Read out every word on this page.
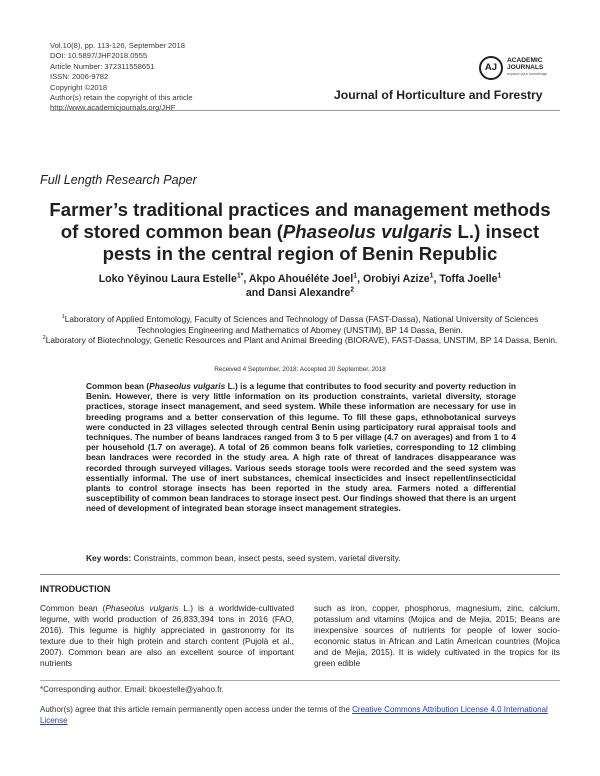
Vol.10(8), pp. 113-126, September 2018
DOI: 10.5897/JHF2018.0555
Article Number: 372311558651
ISSN: 2006-9782
Copyright ©2018
Author(s) retain the copyright of this article
http://www.academicjournals.org/JHF
AJ
ACADEMIC
JOURNALS
expand your knowledge
Journal of Horticulture and Forestry
Full Length Research Paper
Farmer’s traditional practices and management methods of stored common bean (Phaseolus vulgaris L.) insect pests in the central region of Benin Republic
Loko Yêyinou Laura Estelle$^{1*}$, Akpo Ahouéléte Joel$^1$, Orobiyi Azize$^1$, Toffa Joelle$^1$
and Dansi Alexandre$^2$

$^1$Laboratory of Applied Entomology, Faculty of Sciences and Technology of Dassa (FAST-Dassa), National University of Sciences Technologies Engineering and Mathematics of Abomey (UNSTIM), BP 14 Dassa, Benin.

$^2$Laboratory of Biotechnology, Genetic Resources and Plant and Animal Breeding (BIORAVE), FAST-Dassa, UNSTIM, BP 14 Dassa, Benin.

Received 4 September, 2018; Accepted 20 September, 2018
Common bean (Phaseolus vulgaris L.) is a legume that contributes to food security and poverty reduction in Benin. However, there is very little information on its production constraints, varietal diversity, storage practices, storage insect management, and seed system. While these information are necessary for use in breeding programs and a better conservation of this legume. To fill these gaps, ethnobotanical surveys were conducted in 23 villages selected through central Benin using participatory rural appraisal tools and techniques. The number of beans landraces ranged from 3 to 5 per village (4.7 on averages) and from 1 to 4 per household (1.7 on average). A total of 26 common beans folk varieties, corresponding to 12 climbing bean landraces were recorded in the study area. A high rate of threat of landraces disappearance was recorded through surveyed villages. Various seeds storage tools were recorded and the seed system was essentially informal. The use of inert substances, chemical insecticides and insect repellent/insecticidal plants to control storage insects has been reported in the study area. Farmers noted a differential susceptibility of common bean landraces to storage insect pest. Our findings showed that there is an urgent need of development of integrated bean storage insect management strategies.
Key words: Constraints, common bean, insect pests, seed system, varietal diversity.
INTRODUCTION
Common bean (Phaseolus vulgaris L.) is a worldwide-cultivated legume, with world production of 26,833,394 tons in 2016 (FAO, 2016). This legume is highly appreciated in gastronomy for its texture due to their high protein and starch content (Pujolà et al., 2007). Common bean are also an excellent source of important nutrients
such as iron, copper, phosphorus, magnesium, zinc, calcium, potassium and vitamins (Mojica and de Mejia, 2015; Beans are inexpensive sources of nutrients for people of lower socio-economic status in African and Latin American countries (Mojica and de Mejia, 2015). It is widely cultivated in the tropics for its green edible
*Corresponding author. Email: bkoestelle@yahoo.fr.
Author(s) agree that this article remain permanently open access under the terms of the Creative Commons Attribution License 4.0 International License
